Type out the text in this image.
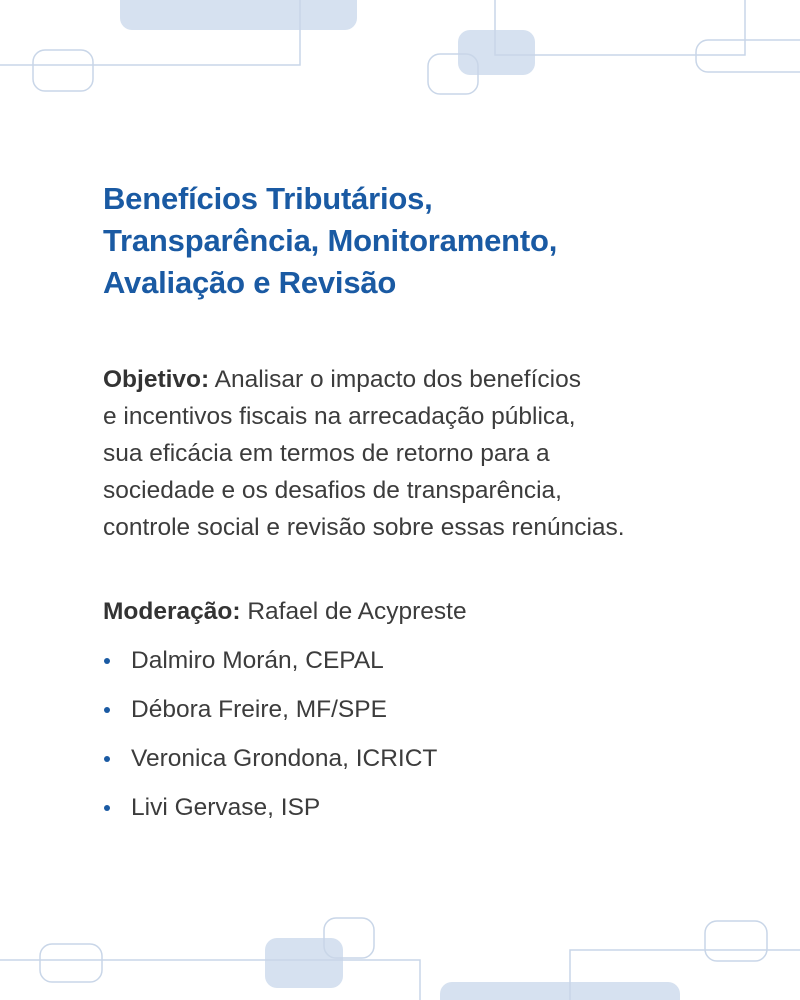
Benefícios Tributários,
Transparência, Monitoramento,
Avaliação e Revisão

Objetivo: Analisar o impacto dos benefícios
e incentivos fiscais na arrecadação pública,
sua eficácia em termos de retorno para a
sociedade e os desafios de transparência,
controle social e revisão sobre essas renúncias.

Moderação: Rafael de Acypreste

Dalmiro Morán, CEPAL
Débora Freire, MF/SPE
Veronica Grondona, ICRICT
Livi Gervase, ISP
